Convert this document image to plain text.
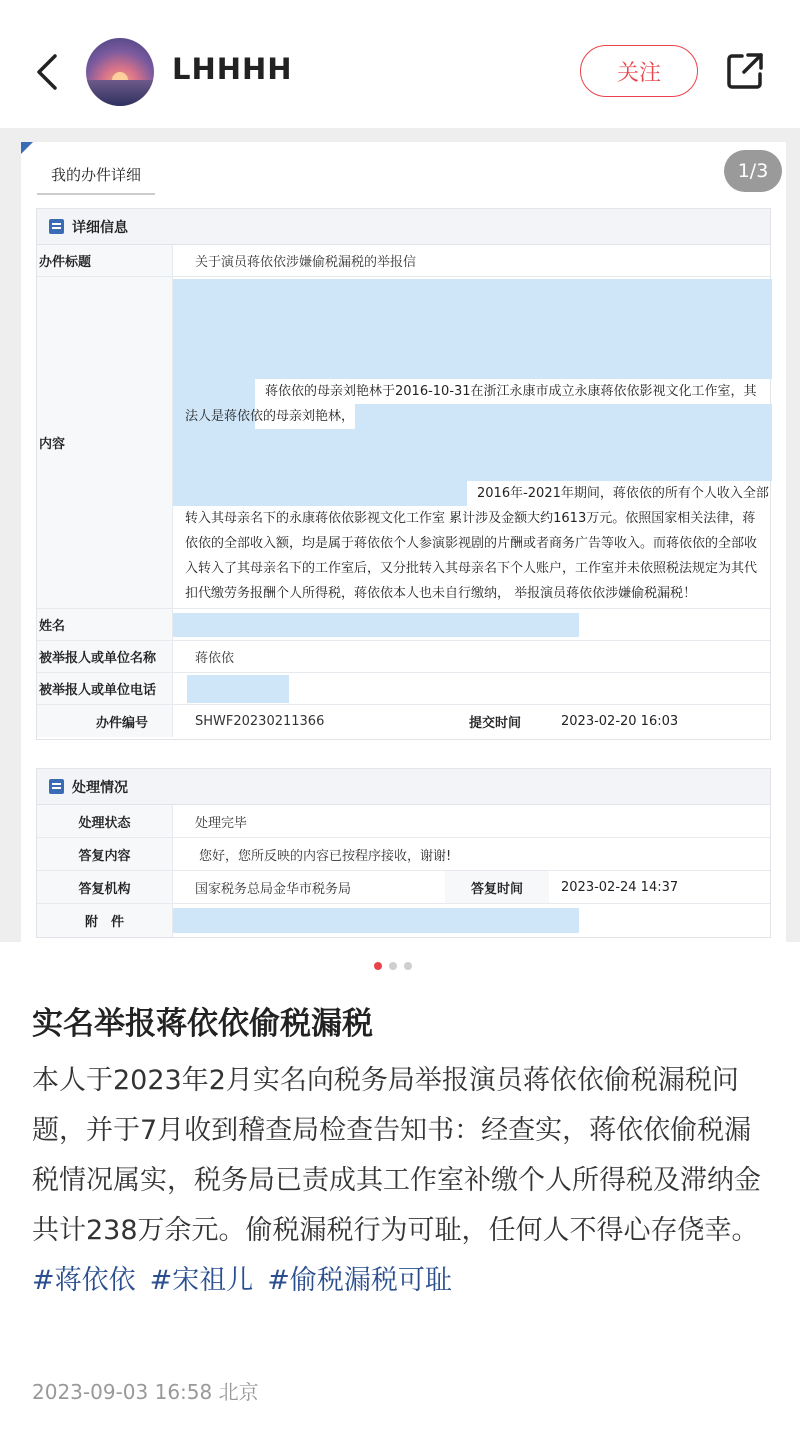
LHHHH	关注
我的办件详细	1/3
详细信息
办件标题	关于演员蒋依依涉嫌偷税漏税的举报信
内容
蒋依依的母亲刘艳林于2016-10-31在浙江永康市成立永康蒋依依影视文化工作室，其
法人是蒋依依的母亲刘艳林，
2016年-2021年期间，蒋依依的所有个人收入全部
转入其母亲名下的永康蒋依依影视文化工作室 累计涉及金额大约1613万元。依照国家相关法律，蒋
依依的全部收入额，均是属于蒋依依个人参演影视剧的片酬或者商务广告等收入。而蒋依依的全部收
入转入了其母亲名下的工作室后，又分批转入其母亲名下个人账户，工作室并未依照税法规定为其代
扣代缴劳务报酬个人所得税，蒋依依本人也未自行缴纳， 举报演员蒋依依涉嫌偷税漏税！
姓名
被举报人或单位名称	蒋依依
被举报人或单位电话
办件编号	SHWF20230211366	提交时间	2023-02-20 16:03
处理情况
处理状态	处理完毕
答复内容	您好，您所反映的内容已按程序接收，谢谢!
答复机构	国家税务总局金华市税务局	答复时间	2023-02-24 14:37
附　件
实名举报蒋依依偷税漏税
本人于2023年2月实名向税务局举报演员蒋依依偷税漏税问题，并于7月收到稽查局检查告知书：经查实，蒋依依偷税漏税情况属实，税务局已责成其工作室补缴个人所得税及滞纳金共计238万余元。偷税漏税行为可耻，任何人不得心存侥幸。 #蒋依依 #宋祖儿 #偷税漏税可耻
2023-09-03 16:58 北京
